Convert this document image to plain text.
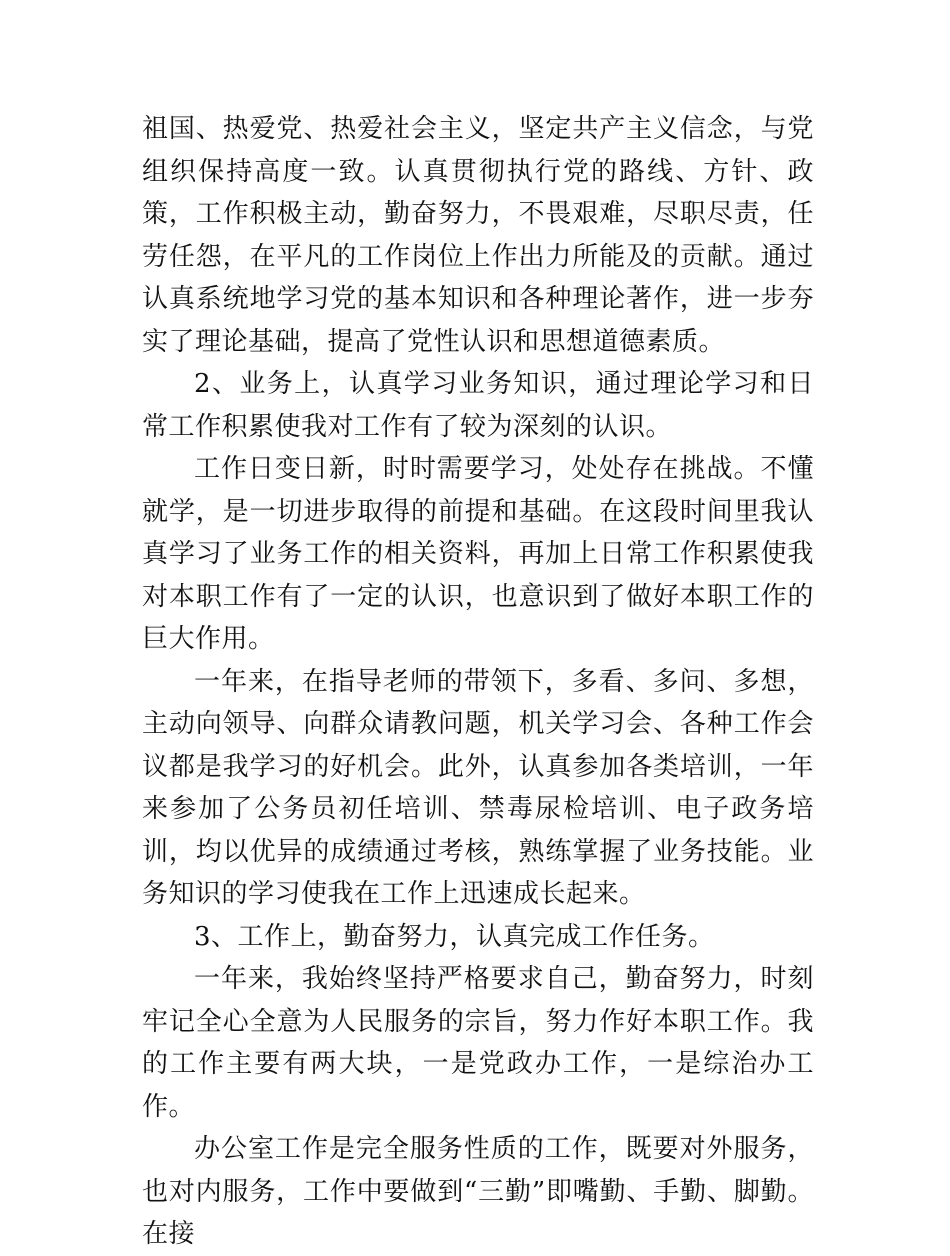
祖国、热爱党、热爱社会主义，坚定共产主义信念，与党组织保持高度一致。认真贯彻执行党的路线、方针、政策，工作积极主动，勤奋努力，不畏艰难，尽职尽责，任劳任怨，在平凡的工作岗位上作出力所能及的贡献。通过认真系统地学习党的基本知识和各种理论著作，进一步夯实了理论基础，提高了党性认识和思想道德素质。

2、业务上，认真学习业务知识，通过理论学习和日常工作积累使我对工作有了较为深刻的认识。

工作日变日新，时时需要学习，处处存在挑战。不懂就学，是一切进步取得的前提和基础。在这段时间里我认真学习了业务工作的相关资料，再加上日常工作积累使我对本职工作有了一定的认识，也意识到了做好本职工作的巨大作用。

一年来，在指导老师的带领下，多看、多问、多想，主动向领导、向群众请教问题，机关学习会、各种工作会议都是我学习的好机会。此外，认真参加各类培训，一年来参加了公务员初任培训、禁毒尿检培训、电子政务培训，均以优异的成绩通过考核，熟练掌握了业务技能。业务知识的学习使我在工作上迅速成长起来。

3、工作上，勤奋努力，认真完成工作任务。

一年来，我始终坚持严格要求自己，勤奋努力，时刻牢记全心全意为人民服务的宗旨，努力作好本职工作。我的工作主要有两大块，一是党政办工作，一是综治办工作。

办公室工作是完全服务性质的工作，既要对外服务，也对内服务，工作中要做到“三勤”即嘴勤、手勤、脚勤。 在接
